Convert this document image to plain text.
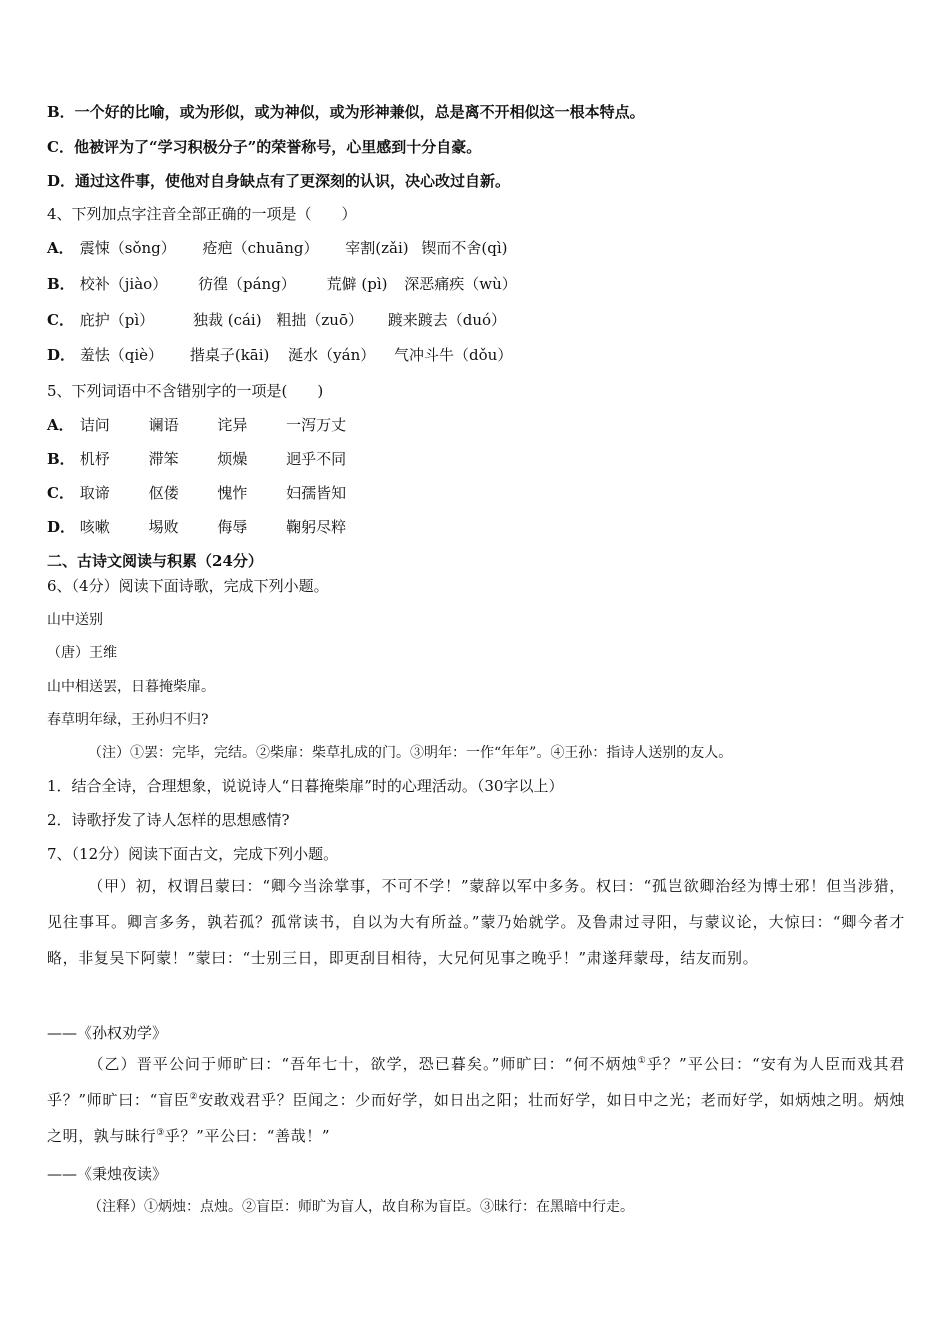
B．一个好的比喻，或为形似，或为神似，或为形神兼似，总是离不开相似这一根本特点。
C．他被评为了“学习积极分子”的荣誉称号，心里感到十分自豪。
D．通过这件事，使他对自身缺点有了更深刻的认识，决心改过自新。
4、下列加点字注音全部正确的一项是（　　）
A． 震悚（sǒng） 疮疤（chuāng） 宰割(zǎi) 锲而不舍(qì)
B． 校补（jiào） 彷徨（páng） 荒僻 (pì) 深恶痛疾（wù）
C． 庇护（pì）	独裁 (cái) 粗拙（zuō） 踱来踱去（duó）
D． 羞怯（qiè） 揩桌子(kāi) 涎水（yán） 气冲斗牛（dǒu）
5、下列词语中不含错别字的一项是(　　)
A． 诘问	谰语	诧异	一泻万丈
B． 机杼	滞笨	烦燥	迥乎不同
C． 取谛	伛偻	愧怍	妇孺皆知
D． 咳嗽	埸败	侮辱	鞠躬尽粹
二、古诗文阅读与积累（24分）
6、（4分）阅读下面诗歌，完成下列小题。
山中送别
（唐）王维
山中相送罢，日暮掩柴扉。
春草明年绿，王孙归不归?
（注）①罢：完毕，完结。②柴扉：柴草扎成的门。③明年：一作“年年”。④王孙：指诗人送别的友人。
1．结合全诗，合理想象，说说诗人“日暮掩柴扉”时的心理活动。（30字以上）
2．诗歌抒发了诗人怎样的思想感情?
7、（12分）阅读下面古文，完成下列小题。
（甲）初，权谓吕蒙曰：“卿今当涂掌事，不可不学！”蒙辞以军中多务。权曰：“孤岂欲卿治经为博士邪！但当涉猎，见往事耳。卿言多务，孰若孤？孤常读书，自以为大有所益。”蒙乃始就学。及鲁肃过寻阳，与蒙议论，大惊曰：“卿今者才略，非复吴下阿蒙！”蒙曰：“士别三日，即更刮目相待，大兄何见事之晚乎！”肃遂拜蒙母，结友而别。
——《孙权劝学》
（乙）晋平公问于师旷曰：“吾年七十，欲学，恐已暮矣。”师旷曰：“何不炳烛①乎？”平公曰：“安有为人臣而戏其君乎？”师旷曰：“盲臣②安敢戏君乎？臣闻之：少而好学，如日出之阳；壮而好学，如日中之光；老而好学，如炳烛之明。炳烛之明，孰与昧行③乎？”平公曰：“善哉！”
——《秉烛夜读》
（注释）①炳烛：点烛。②盲臣：师旷为盲人，故自称为盲臣。③昧行：在黑暗中行走。
